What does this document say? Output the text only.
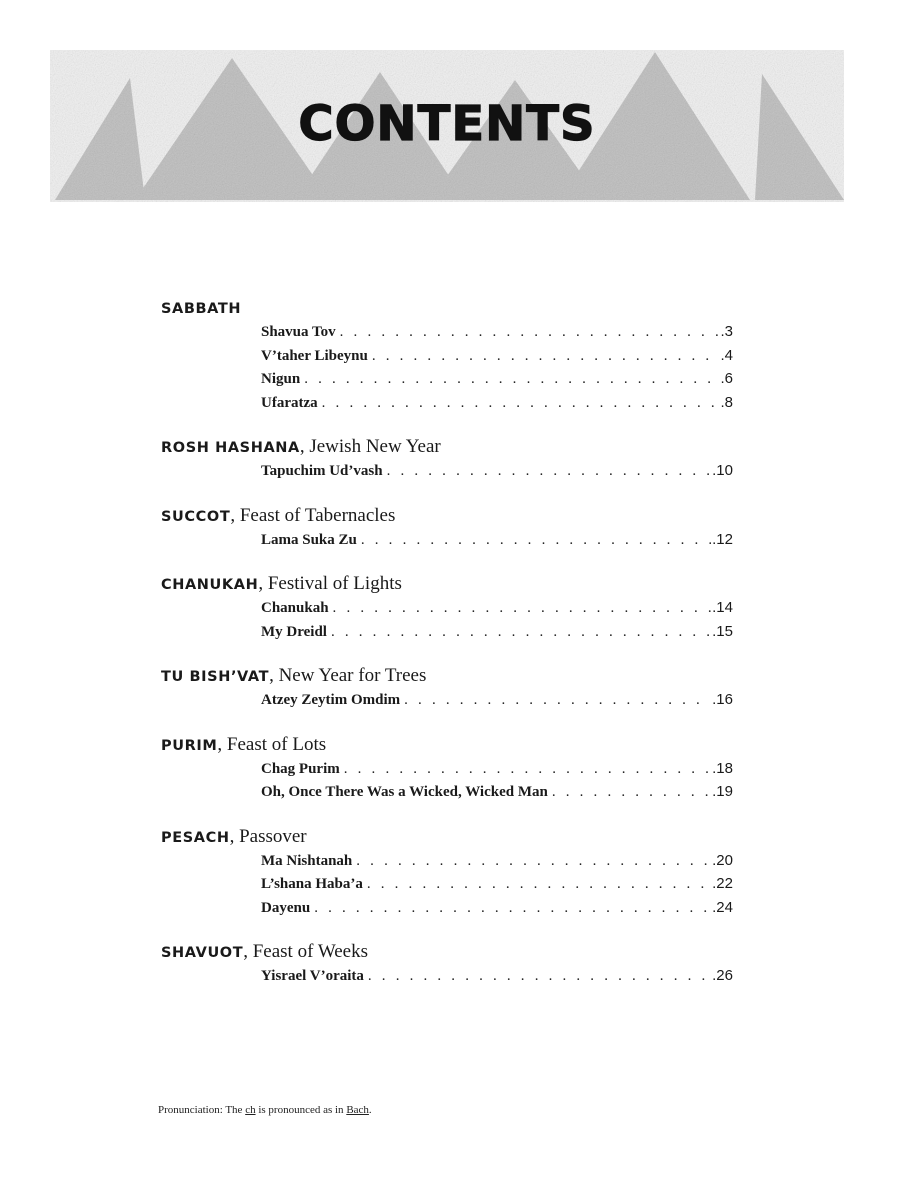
CONTENTS
SABBATH
Shavua Tov . . .	.3
V’taher Libeynu . . .	.4
Nigun . . .	.6
Ufaratza . . .	.8
ROSH HASHANA, Jewish New Year
Tapuchim Ud’vash . . .	.10
SUCCOT, Feast of Tabernacles
Lama Suka Zu . . .	.12
CHANUKAH, Festival of Lights
Chanukah . . .	.14
My Dreidl . . .	.15
TU BISH’VAT, New Year for Trees
Atzey Zeytim Omdim . . .	.16
PURIM, Feast of Lots
Chag Purim . . .	.18
Oh, Once There Was a Wicked, Wicked Man . . .	.19
PESACH, Passover
Ma Nishtanah . . .	.20
L’shana Haba’a . . .	.22
Dayenu . . .	.24
SHAVUOT, Feast of Weeks
Yisrael V’oraita . . .	.26
Pronunciation: The ch is pronounced as in Bach.
